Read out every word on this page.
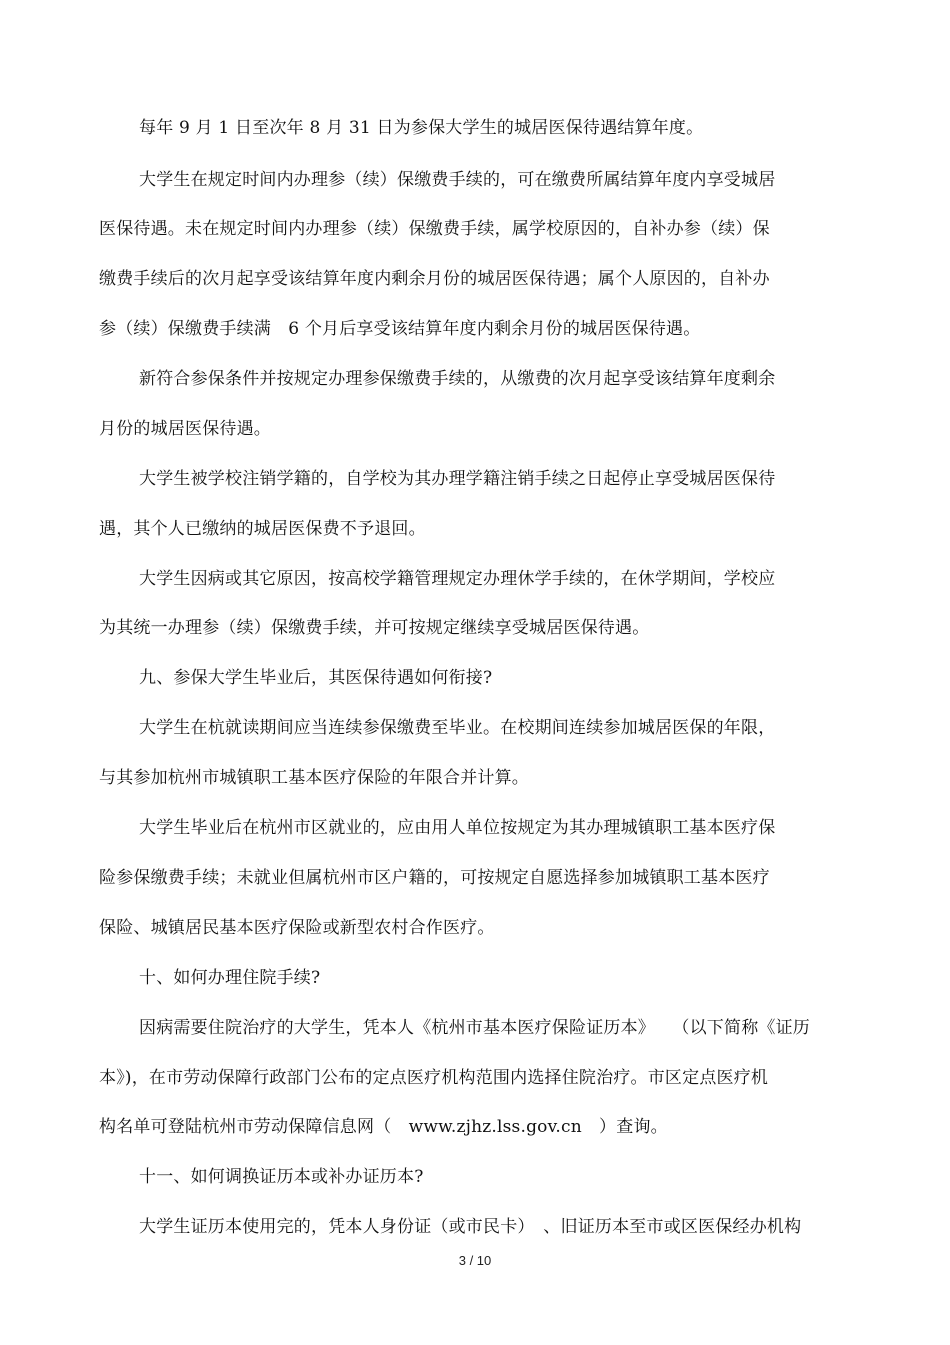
每年 9 月 1 日至次年 8 月 31 日为参保大学生的城居医保待遇结算年度。
大学生在规定时间内办理参（续）保缴费手续的，可在缴费所属结算年度内享受城居
医保待遇。未在规定时间内办理参（续）保缴费手续，属学校原因的，自补办参（续）保
缴费手续后的次月起享受该结算年度内剩余月份的城居医保待遇；属个人原因的，自补办
参（续）保缴费手续满　6 个月后享受该结算年度内剩余月份的城居医保待遇。
新符合参保条件并按规定办理参保缴费手续的，从缴费的次月起享受该结算年度剩余
月份的城居医保待遇。
大学生被学校注销学籍的，自学校为其办理学籍注销手续之日起停止享受城居医保待
遇，其个人已缴纳的城居医保费不予退回。
大学生因病或其它原因，按高校学籍管理规定办理休学手续的，在休学期间，学校应
为其统一办理参（续）保缴费手续，并可按规定继续享受城居医保待遇。
九、参保大学生毕业后，其医保待遇如何衔接?
大学生在杭就读期间应当连续参保缴费至毕业。在校期间连续参加城居医保的年限，
与其参加杭州市城镇职工基本医疗保险的年限合并计算。
大学生毕业后在杭州市区就业的，应由用人单位按规定为其办理城镇职工基本医疗保
险参保缴费手续；未就业但属杭州市区户籍的，可按规定自愿选择参加城镇职工基本医疗
保险、城镇居民基本医疗保险或新型农村合作医疗。
十、如何办理住院手续?
因病需要住院治疗的大学生，凭本人《杭州市基本医疗保险证历本》　　（以下简称《证历
本》)，在市劳动保障行政部门公布的定点医疗机构范围内选择住院治疗。市区定点医疗机
构名单可登陆杭州市劳动保障信息网（　www.zjhz.lss.gov.cn　）查询。
十一、如何调换证历本或补办证历本?
大学生证历本使用完的，凭本人身份证（或市民卡）　、旧证历本至市或区医保经办机构
3 / 10
